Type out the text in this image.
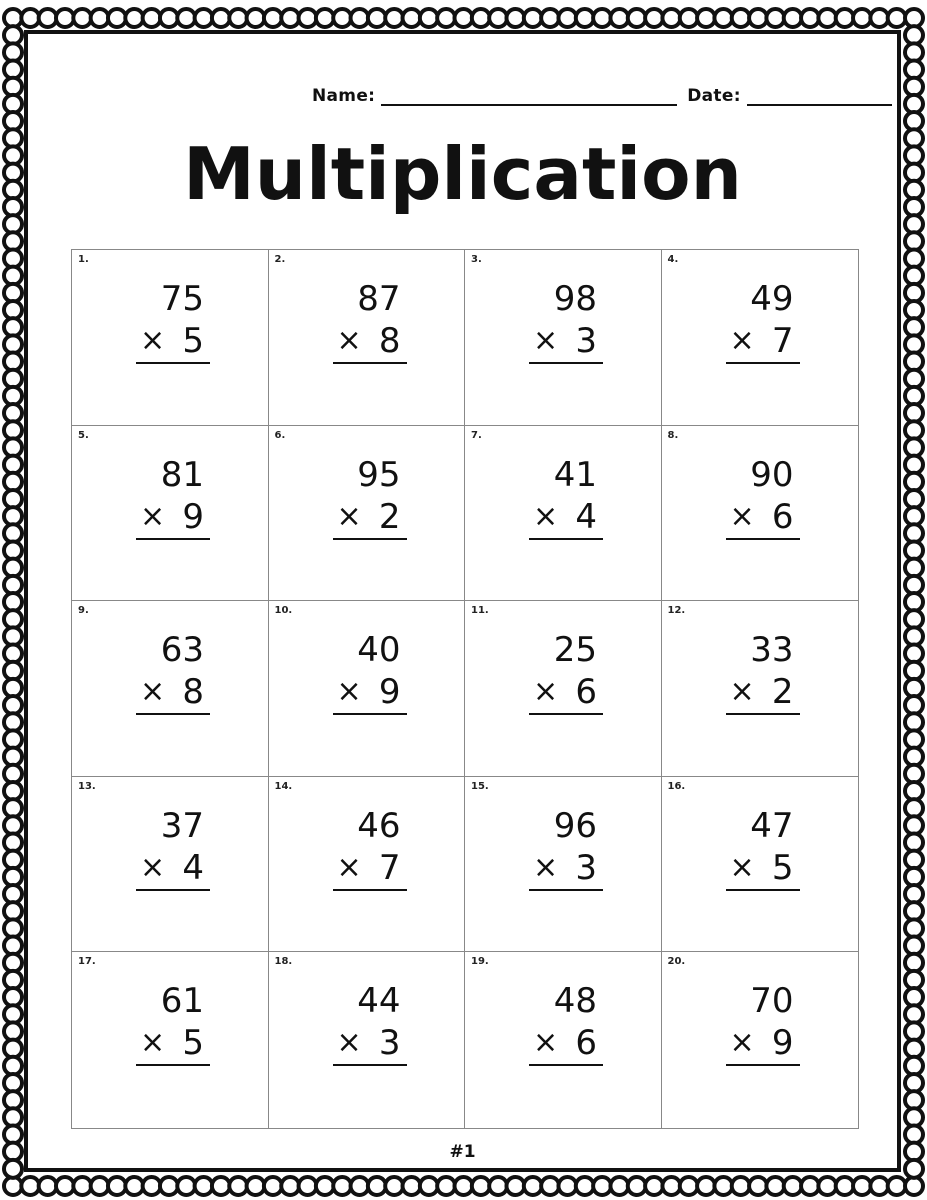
Name:	Date:
Multiplication
1.
75
× 5
2.
87
× 8
3.
98
× 3
4.
49
× 7
5.
81
× 9
6.
95
× 2
7.
41
× 4
8.
90
× 6
9.
63
× 8
10.
40
× 9
11.
25
× 6
12.
33
× 2
13.
37
× 4
14.
46
× 7
15.
96
× 3
16.
47
× 5
17.
61
× 5
18.
44
× 3
19.
48
× 6
20.
70
× 9
#1
